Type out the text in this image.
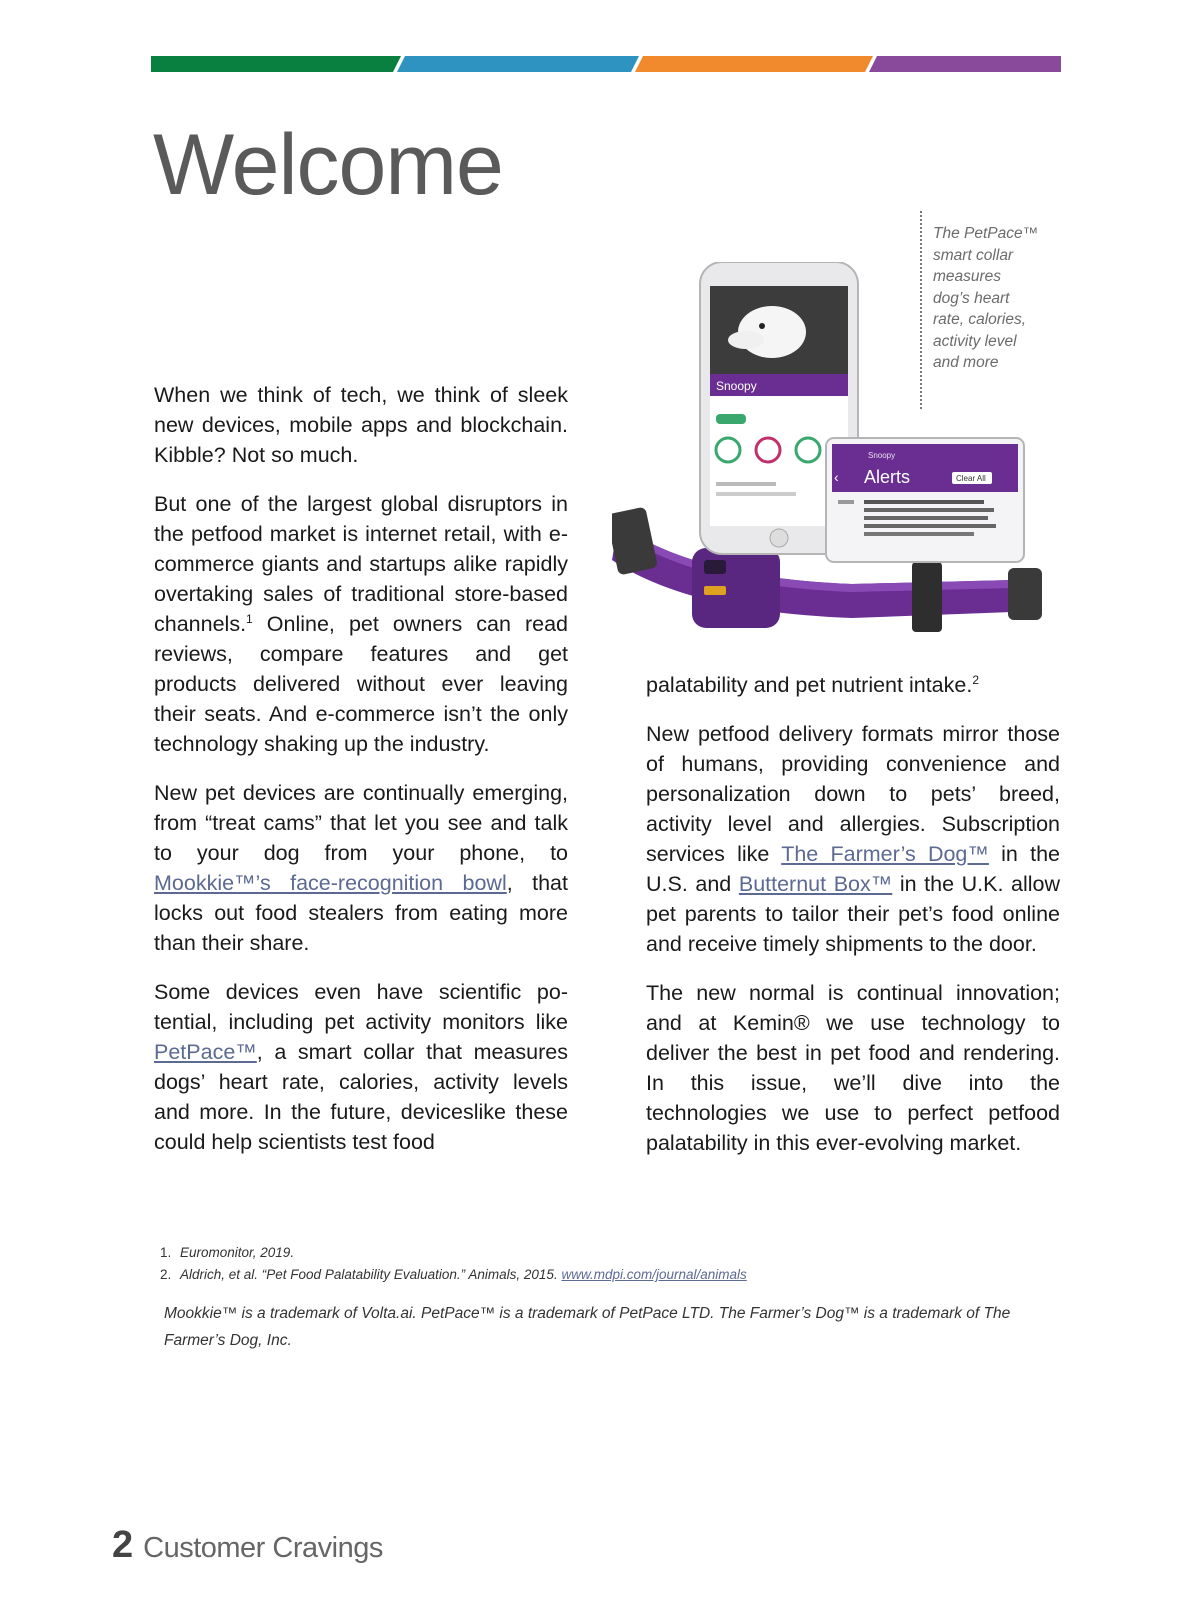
Welcome
Snoopy
Snoopy
‹ Alerts	Clear All
The PetPace™ smart collar measures dog’s heart rate, calories, activity level and more

When we think of tech, we think of sleek new devices, mobile apps and blockchain. Kibble? Not so much.

But one of the largest global disruptors in the petfood market is internet retail, with e-commerce giants and startups alike rapidly overtaking sales of traditional store-based channels.$^1$ Online, pet owners can read reviews, compare features and get products delivered without ever leaving their seats. And e-commerce isn’t the only technology shaking up the industry.

New pet devices are continually emerging, from “treat cams” that let you see and talk to your dog from your phone, to Mookkie™’s face-recognition bowl, that locks out food stealers from eating more than their share.

Some devices even have scientific potential, including pet activity monitors like PetPace™, a smart collar that measures dogs’ heart rate, calories, activity levels and more. In the future, deviceslike these could help scientists test food

palatability and pet nutrient intake.$^2$

New petfood delivery formats mirror those of humans, providing convenience and personalization down to pets’ breed, activity level and allergies. Subscription services like The Farmer’s Dog™ in the U.S. and Butternut Box™ in the U.K. allow pet parents to tailor their pet’s food online and receive timely shipments to the door.

The new normal is continual innovation; and at Kemin® we use technology to deliver the best in pet food and rendering. In this issue, we’ll dive into the technologies we use to perfect petfood palatability in this ever-evolving market.

1. Euromonitor, 2019.
2. Aldrich, et al. “Pet Food Palatability Evaluation.” Animals, 2015. www.mdpi.com/journal/animals
Mookkie™ is a trademark of Volta.ai. PetPace™ is a trademark of PetPace LTD. The Farmer’s Dog™ is a trademark of The Farmer’s Dog, Inc.
2 Customer Cravings
